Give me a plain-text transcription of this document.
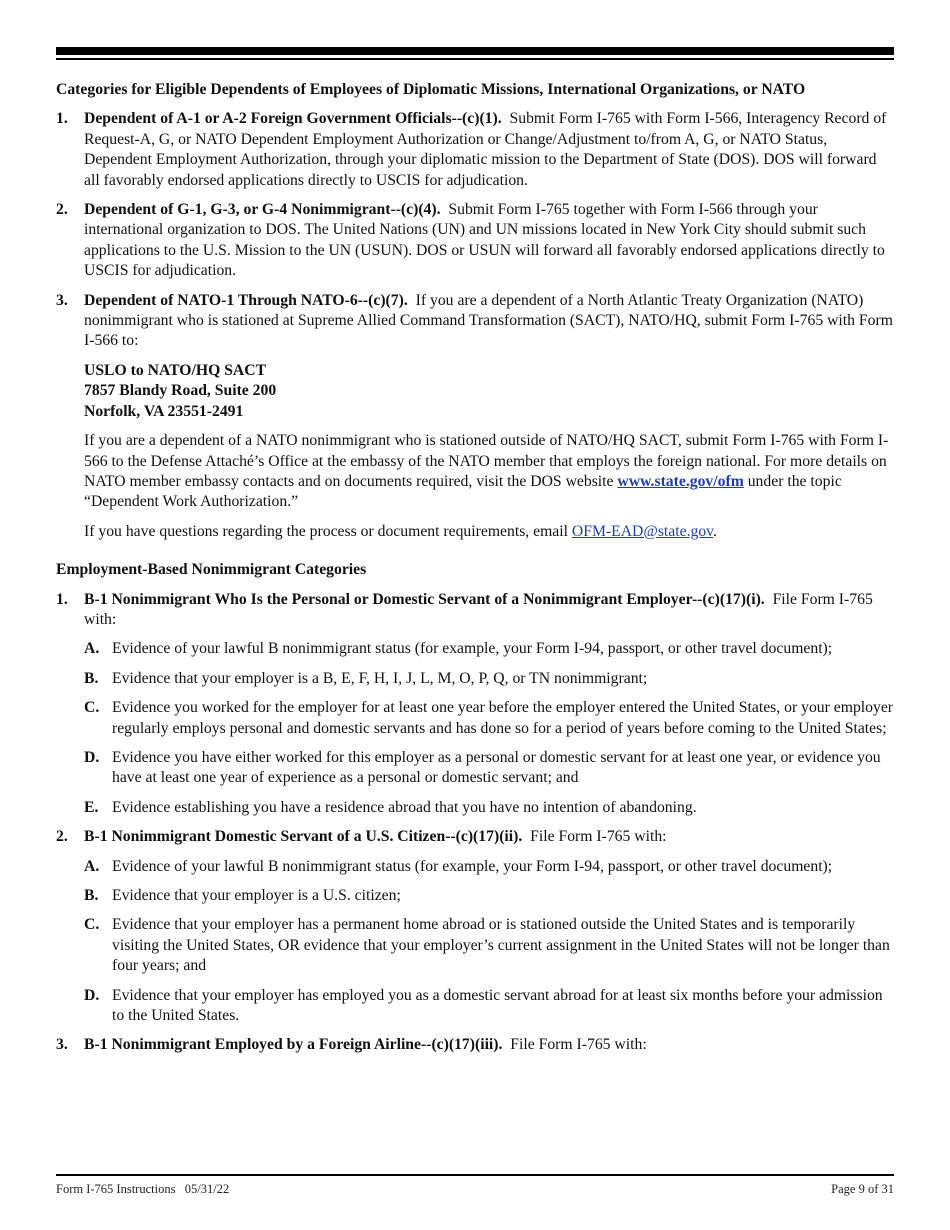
Categories for Eligible Dependents of Employees of Diplomatic Missions, International Organizations, or NATO
1. Dependent of A-1 or A-2 Foreign Government Officials--(c)(1). Submit Form I-765 with Form I-566, Interagency Record of Request-A, G, or NATO Dependent Employment Authorization or Change/Adjustment to/from A, G, or NATO Status, Dependent Employment Authorization, through your diplomatic mission to the Department of State (DOS). DOS will forward all favorably endorsed applications directly to USCIS for adjudication.
2. Dependent of G-1, G-3, or G-4 Nonimmigrant--(c)(4). Submit Form I-765 together with Form I-566 through your international organization to DOS. The United Nations (UN) and UN missions located in New York City should submit such applications to the U.S. Mission to the UN (USUN). DOS or USUN will forward all favorably endorsed applications directly to USCIS for adjudication.
3. Dependent of NATO-1 Through NATO-6--(c)(7). If you are a dependent of a North Atlantic Treaty Organization (NATO) nonimmigrant who is stationed at Supreme Allied Command Transformation (SACT), NATO/HQ, submit Form I-765 with Form I-566 to:
USLO to NATO/HQ SACT
7857 Blandy Road, Suite 200
Norfolk, VA 23551-2491
If you are a dependent of a NATO nonimmigrant who is stationed outside of NATO/HQ SACT, submit Form I-765 with Form I-566 to the Defense Attaché’s Office at the embassy of the NATO member that employs the foreign national. For more details on NATO member embassy contacts and on documents required, visit the DOS website www.state.gov/ofm under the topic “Dependent Work Authorization.”
If you have questions regarding the process or document requirements, email OFM-EAD@state.gov.
Employment-Based Nonimmigrant Categories
1. B-1 Nonimmigrant Who Is the Personal or Domestic Servant of a Nonimmigrant Employer--(c)(17)(i). File Form I-765 with:
A. Evidence of your lawful B nonimmigrant status (for example, your Form I-94, passport, or other travel document);
B. Evidence that your employer is a B, E, F, H, I, J, L, M, O, P, Q, or TN nonimmigrant;
C. Evidence you worked for the employer for at least one year before the employer entered the United States, or your employer regularly employs personal and domestic servants and has done so for a period of years before coming to the United States;
D. Evidence you have either worked for this employer as a personal or domestic servant for at least one year, or evidence you have at least one year of experience as a personal or domestic servant; and
E. Evidence establishing you have a residence abroad that you have no intention of abandoning.
2. B-1 Nonimmigrant Domestic Servant of a U.S. Citizen--(c)(17)(ii). File Form I-765 with:
A. Evidence of your lawful B nonimmigrant status (for example, your Form I-94, passport, or other travel document);
B. Evidence that your employer is a U.S. citizen;
C. Evidence that your employer has a permanent home abroad or is stationed outside the United States and is temporarily visiting the United States, OR evidence that your employer’s current assignment in the United States will not be longer than four years; and
D. Evidence that your employer has employed you as a domestic servant abroad for at least six months before your admission to the United States.
3. B-1 Nonimmigrant Employed by a Foreign Airline--(c)(17)(iii). File Form I-765 with:
Form I-765 Instructions   05/31/22	Page 9 of 31
